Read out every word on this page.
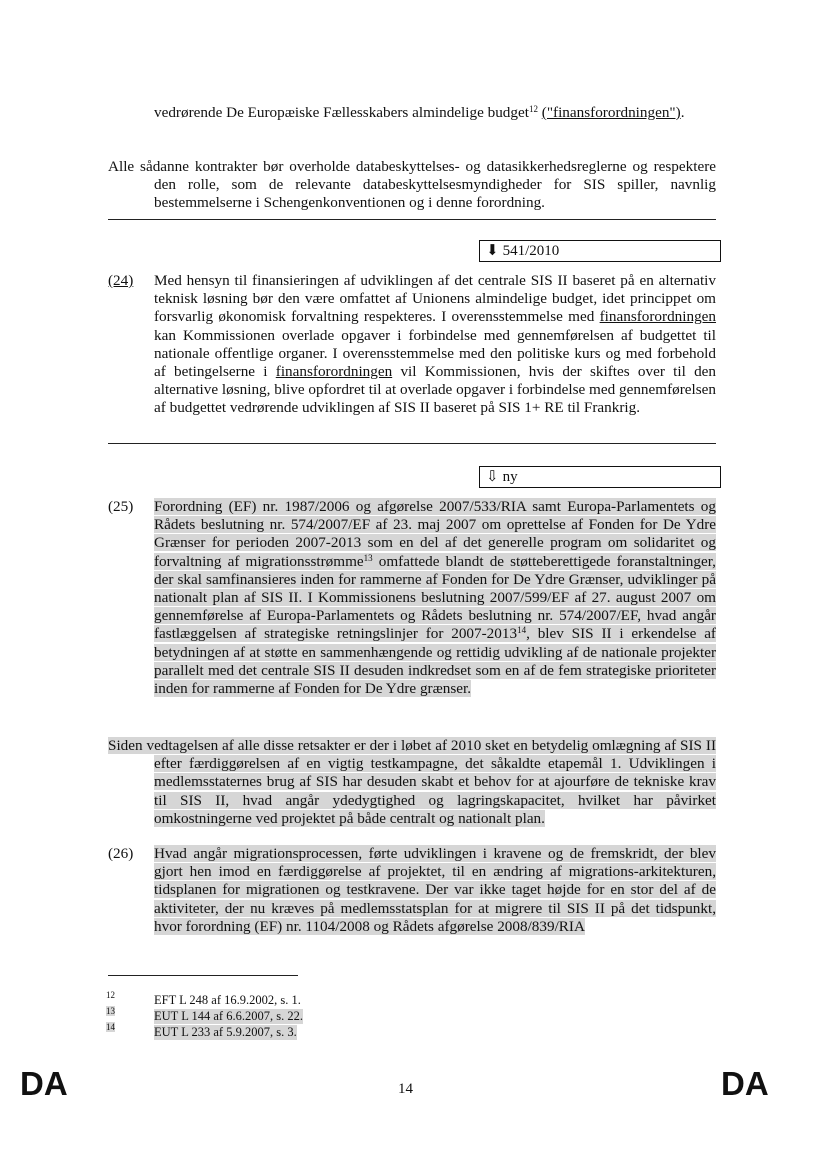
vedrørende De Europæiske Fællesskabers almindelige budget$^{12}$ ("finansforordningen").

Alle sådanne kontrakter bør overholde databeskyttelses- og datasikkerhedsreglerne og respektere den rolle, som de relevante databeskyttelsesmyndigheder for SIS spiller, navnlig bestemmelserne i Schengenkonventionen og i denne forordning.

⬇ 541/2010
(24) Med hensyn til finansieringen af udviklingen af det centrale SIS II baseret på en alternativ teknisk løsning bør den være omfattet af Unionens almindelige budget, idet princippet om forsvarlig økonomisk forvaltning respekteres. I overensstemmelse med finansforordningen kan Kommissionen overlade opgaver i forbindelse med gennemførelsen af budgettet til nationale offentlige organer. I overensstemmelse med den politiske kurs og med forbehold af betingelserne i finansforordningen vil Kommissionen, hvis der skiftes over til den alternative løsning, blive opfordret til at overlade opgaver i forbindelse med gennemførelsen af budgettet vedrørende udviklingen af SIS II baseret på SIS 1+ RE til Frankrig.

⇩ ny
(25) Forordning (EF) nr. 1987/2006 og afgørelse 2007/533/RIA samt Europa-Parlamentets og Rådets beslutning nr. 574/2007/EF af 23. maj 2007 om oprettelse af Fonden for De Ydre Grænser for perioden 2007-2013 som en del af det generelle program om solidaritet og forvaltning af migrationsstrømme$^{13}$ omfattede blandt de støtteberettigede foranstaltninger, der skal samfinansieres inden for rammerne af Fonden for De Ydre Grænser, udviklinger på nationalt plan af SIS II. I Kommissionens beslutning 2007/599/EF af 27. august 2007 om gennemførelse af Europa-Parlamentets og Rådets beslutning nr. 574/2007/EF, hvad angår fastlæggelsen af strategiske retningslinjer for 2007-2013$^{14}$, blev SIS II i erkendelse af betydningen af at støtte en sammenhængende og rettidig udvikling af de nationale projekter parallelt med det centrale SIS II desuden indkredset som en af de fem strategiske prioriteter inden for rammerne af Fonden for De Ydre grænser.

Siden vedtagelsen af alle disse retsakter er der i løbet af 2010 sket en betydelig omlægning af SIS II efter færdiggørelsen af en vigtig testkampagne, det såkaldte etapemål 1. Udviklingen i medlemsstaternes brug af SIS har desuden skabt et behov for at ajourføre de tekniske krav til SIS II, hvad angår ydedygtighed og lagringskapacitet, hvilket har påvirket omkostningerne ved projektet på både centralt og nationalt plan.

(26) Hvad angår migrationsprocessen, førte udviklingen i kravene og de fremskridt, der blev gjort hen imod en færdiggørelse af projektet, til en ændring af migrations-arkitekturen, tidsplanen for migrationen og testkravene. Der var ikke taget højde for en stor del af de aktiviteter, der nu kræves på medlemsstatsplan for at migrere til SIS II på det tidspunkt, hvor forordning (EF) nr. 1104/2008 og Rådets afgørelse 2008/839/RIA

12	EFT L 248 af 16.9.2002, s. 1.
13	EUT L 144 af 6.6.2007, s. 22.
14	EUT L 233 af 5.9.2007, s. 3.
DA	14	DA
